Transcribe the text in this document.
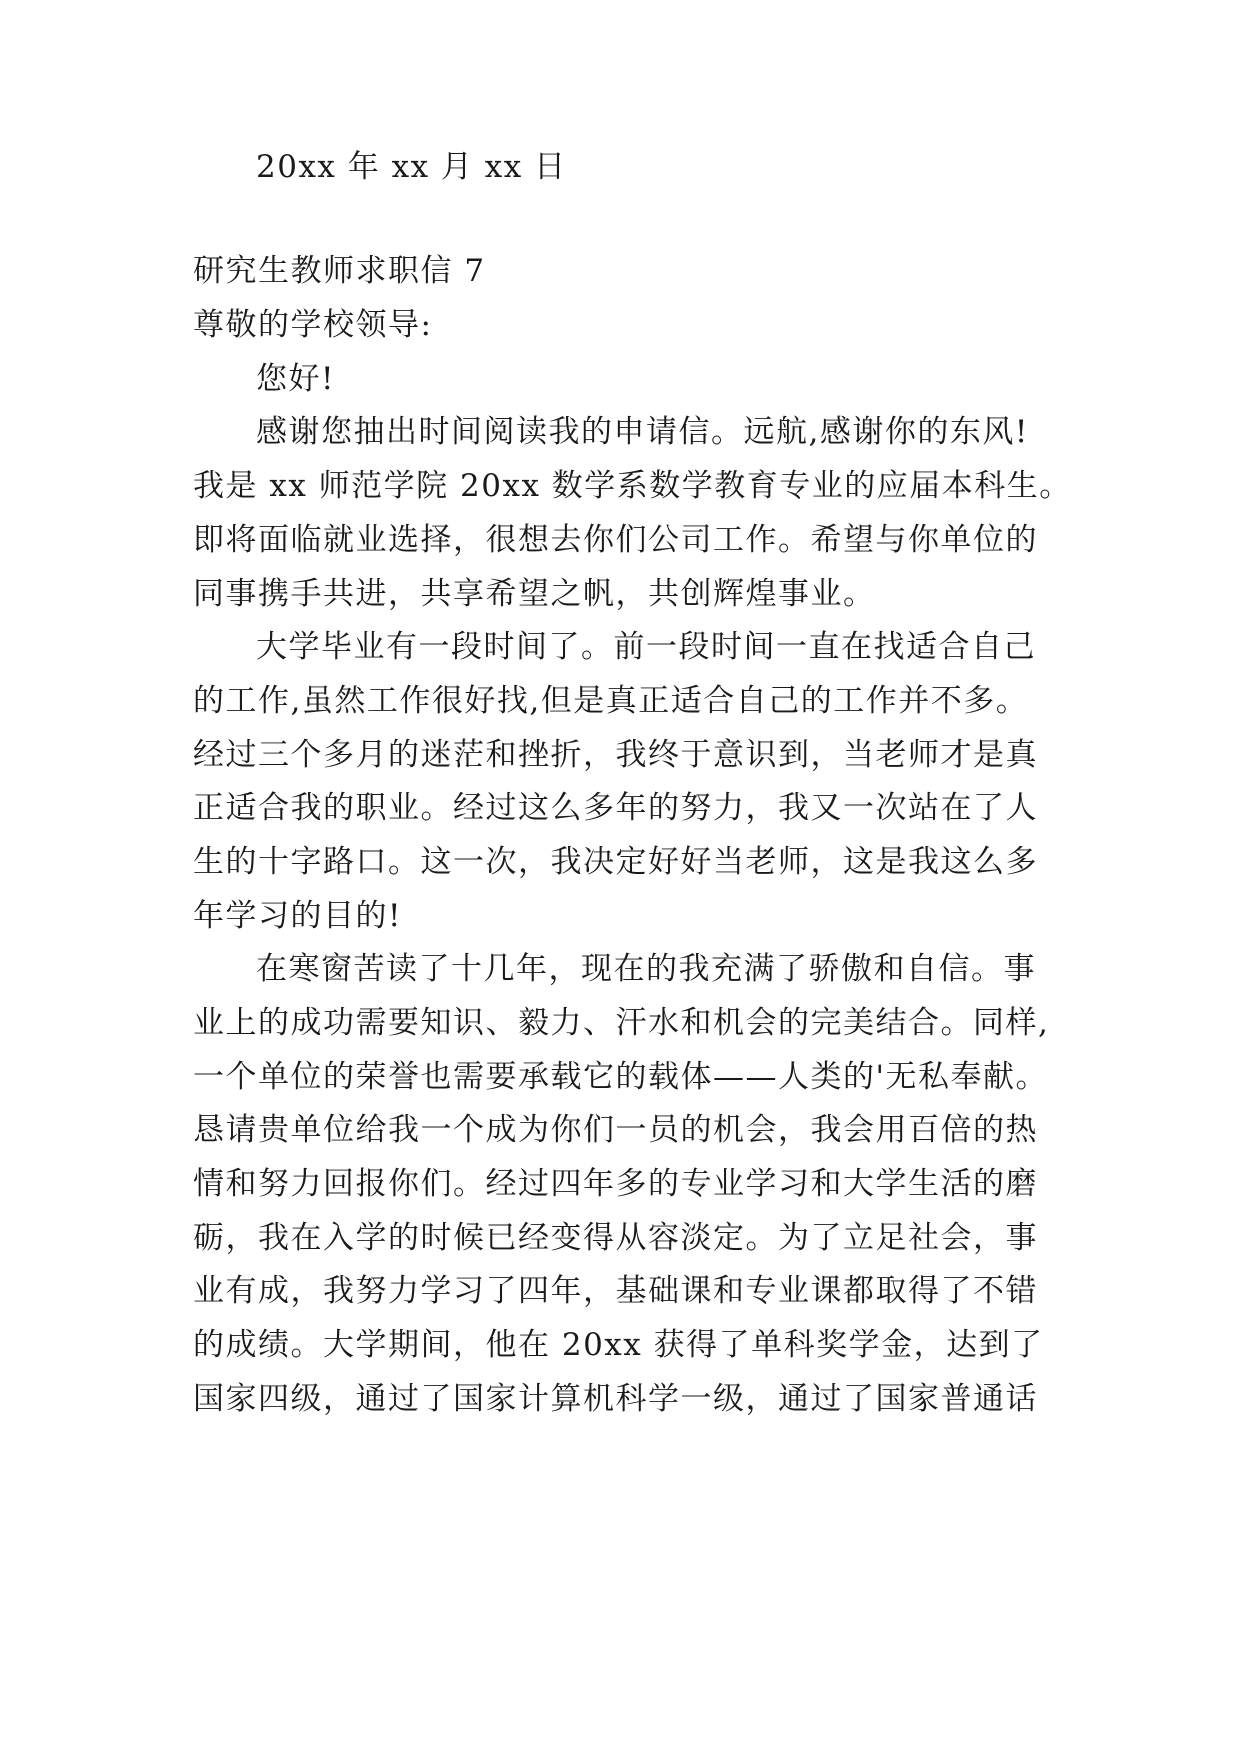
20xx 年 xx 月 xx 日
研究生教师求职信 7
尊敬的学校领导:
您好!
感谢您抽出时间阅读我的申请信。远航,感谢你的东风!
我是 xx 师范学院 20xx 数学系数学教育专业的应届本科生。
即将面临就业选择，很想去你们公司工作。希望与你单位的
同事携手共进，共享希望之帆，共创辉煌事业。
大学毕业有一段时间了。前一段时间一直在找适合自己
的工作,虽然工作很好找,但是真正适合自己的工作并不多。
经过三个多月的迷茫和挫折，我终于意识到，当老师才是真
正适合我的职业。经过这么多年的努力，我又一次站在了人
生的十字路口。这一次，我决定好好当老师，这是我这么多
年学习的目的!
在寒窗苦读了十几年，现在的我充满了骄傲和自信。事
业上的成功需要知识、毅力、汗水和机会的完美结合。同样,
一个单位的荣誉也需要承载它的载体——人类的'无私奉献。
恳请贵单位给我一个成为你们一员的机会，我会用百倍的热
情和努力回报你们。经过四年多的专业学习和大学生活的磨
砺，我在入学的时候已经变得从容淡定。为了立足社会，事
业有成，我努力学习了四年，基础课和专业课都取得了不错
的成绩。大学期间，他在 20xx 获得了单科奖学金，达到了
国家四级，通过了国家计算机科学一级，通过了国家普通话
